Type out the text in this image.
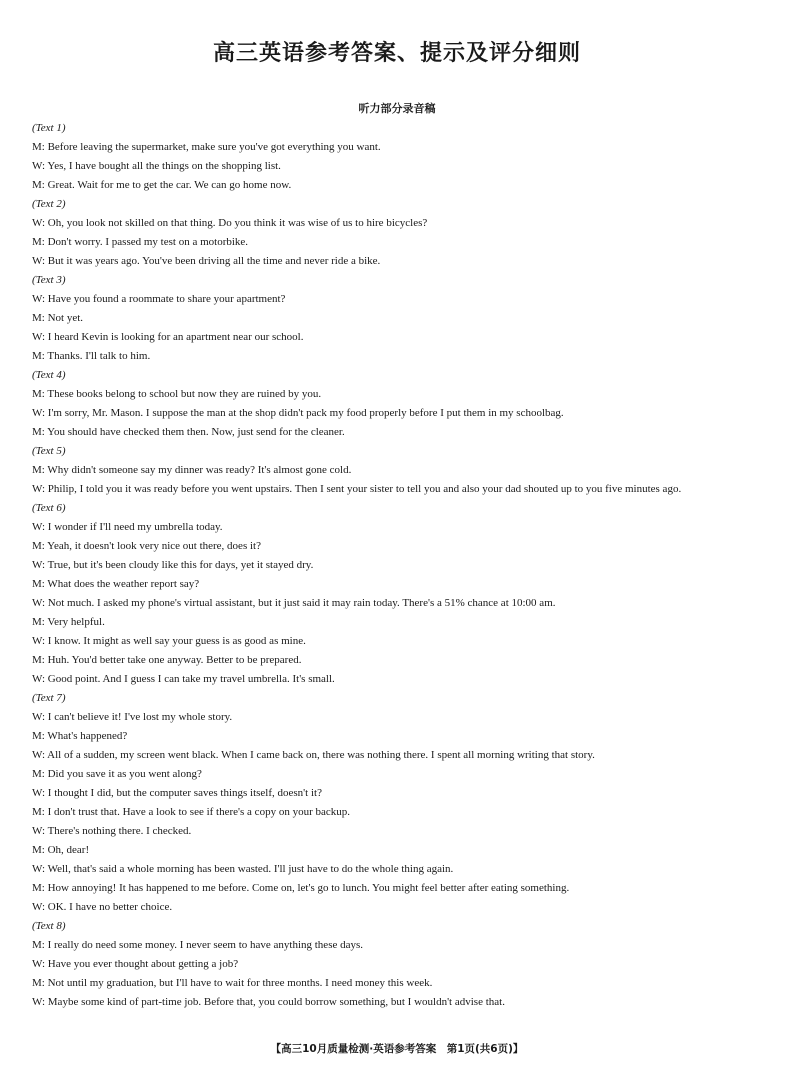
高三英语参考答案、提示及评分细则
听力部分录音稿
(Text 1)
M: Before leaving the supermarket, make sure you've got everything you want.
W: Yes, I have bought all the things on the shopping list.
M: Great. Wait for me to get the car. We can go home now.
(Text 2)
W: Oh, you look not skilled on that thing. Do you think it was wise of us to hire bicycles?
M: Don't worry. I passed my test on a motorbike.
W: But it was years ago. You've been driving all the time and never ride a bike.
(Text 3)
W: Have you found a roommate to share your apartment?
M: Not yet.
W: I heard Kevin is looking for an apartment near our school.
M: Thanks. I'll talk to him.
(Text 4)
M: These books belong to school but now they are ruined by you.
W: I'm sorry, Mr. Mason. I suppose the man at the shop didn't pack my food properly before I put them in my schoolbag.
M: You should have checked them then. Now, just send for the cleaner.
(Text 5)
M: Why didn't someone say my dinner was ready? It's almost gone cold.
W: Philip, I told you it was ready before you went upstairs. Then I sent your sister to tell you and also your dad shouted up to you five minutes ago.
(Text 6)
W: I wonder if I'll need my umbrella today.
M: Yeah, it doesn't look very nice out there, does it?
W: True, but it's been cloudy like this for days, yet it stayed dry.
M: What does the weather report say?
W: Not much. I asked my phone's virtual assistant, but it just said it may rain today. There's a 51% chance at 10:00 am.
M: Very helpful.
W: I know. It might as well say your guess is as good as mine.
M: Huh. You'd better take one anyway. Better to be prepared.
W: Good point. And I guess I can take my travel umbrella. It's small.
(Text 7)
W: I can't believe it! I've lost my whole story.
M: What's happened?
W: All of a sudden, my screen went black. When I came back on, there was nothing there. I spent all morning writing that story.
M: Did you save it as you went along?
W: I thought I did, but the computer saves things itself, doesn't it?
M: I don't trust that. Have a look to see if there's a copy on your backup.
W: There's nothing there. I checked.
M: Oh, dear!
W: Well, that's said a whole morning has been wasted. I'll just have to do the whole thing again.
M: How annoying! It has happened to me before. Come on, let's go to lunch. You might feel better after eating something.
W: OK. I have no better choice.
(Text 8)
M: I really do need some money. I never seem to have anything these days.
W: Have you ever thought about getting a job?
M: Not until my graduation, but I'll have to wait for three months. I need money this week.
W: Maybe some kind of part-time job. Before that, you could borrow something, but I wouldn't advise that.
【高三10月质量检测·英语参考答案　第1页(共6页)】
